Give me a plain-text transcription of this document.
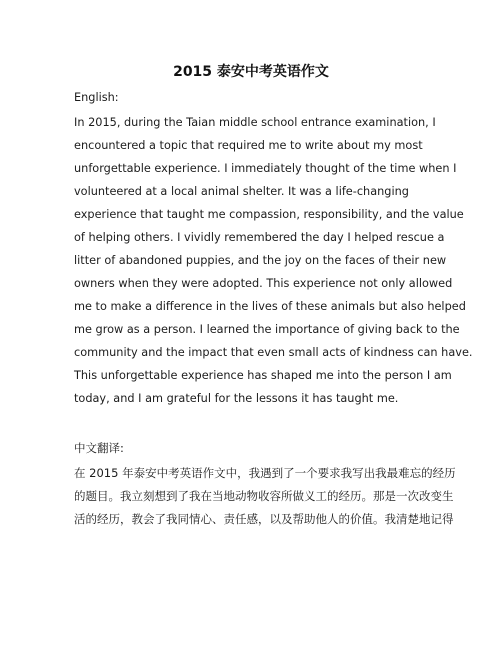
2015 泰安中考英语作文
English:
In 2015, during the Taian middle school entrance examination, I
encountered a topic that required me to write about my most
unforgettable experience. I immediately thought of the time when I
volunteered at a local animal shelter. It was a life-changing
experience that taught me compassion, responsibility, and the value
of helping others. I vividly remembered the day I helped rescue a
litter of abandoned puppies, and the joy on the faces of their new
owners when they were adopted. This experience not only allowed
me to make a difference in the lives of these animals but also helped
me grow as a person. I learned the importance of giving back to the
community and the impact that even small acts of kindness can have.
This unforgettable experience has shaped me into the person I am
today, and I am grateful for the lessons it has taught me.
中文翻译:
在 2015 年泰安中考英语作文中，我遇到了一个要求我写出我最难忘的经历
的题目。我立刻想到了我在当地动物收容所做义工的经历。那是一次改变生
活的经历，教会了我同情心、责任感，以及帮助他人的价值。我清楚地记得
